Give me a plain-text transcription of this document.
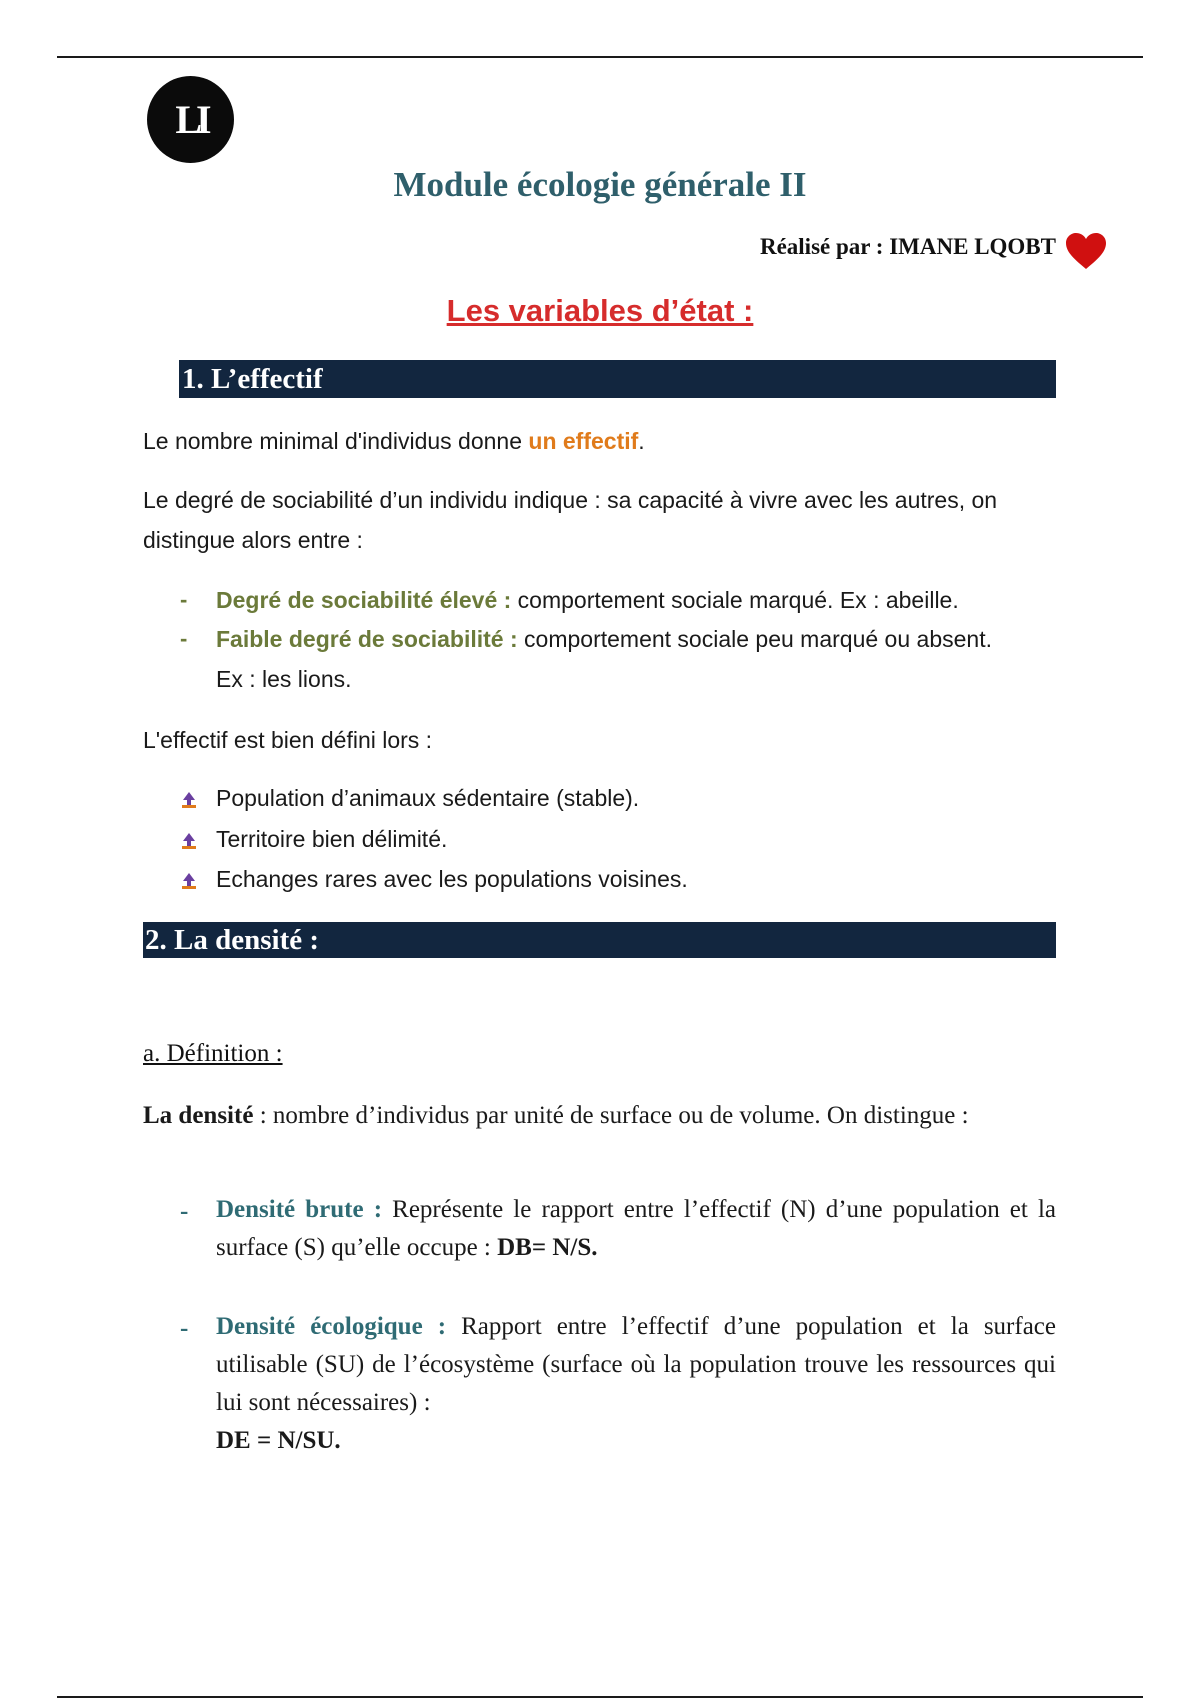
LI
Module écologie générale II
Réalisé par : IMANE LQOBT
Les variables d’état :
1. L’effectif
Le nombre minimal d'individus donne un effectif.
Le degré de sociabilité d’un individu indique : sa capacité à vivre avec les autres, on distingue alors entre :
- Degré de sociabilité élevé : comportement sociale marqué. Ex : abeille.
- Faible degré de sociabilité : comportement sociale peu marqué ou absent. Ex : les lions.
L'effectif est bien défini lors :
Population d’animaux sédentaire (stable).
Territoire bien délimité.
Echanges rares avec les populations voisines.
2. La densité :
a. Définition :
La densité : nombre d’individus par unité de surface ou de volume. On distingue :
- Densité brute : Représente le rapport entre l’effectif (N) d’une population et la surface (S) qu’elle occupe : DB= N/S.
- Densité écologique : Rapport entre l’effectif d’une population et la surface utilisable (SU) de l’écosystème (surface où la population trouve les ressources qui lui sont nécessaires) :
DE = N/SU.
